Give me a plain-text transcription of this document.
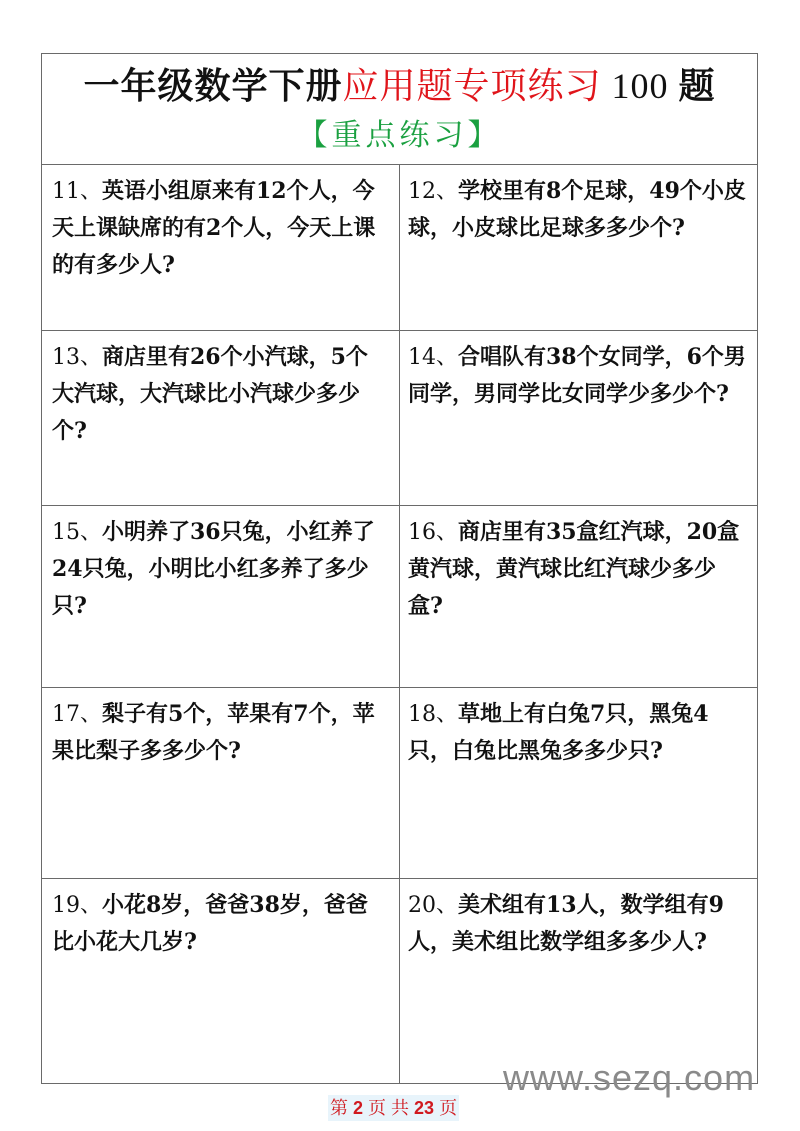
一年级数学下册应用题专项练习 100 题
【重点练习】
11、英语小组原来有12个人，今天上课缺席的有2个人，今天上课的有多少人?
12、学校里有8个足球，49个小皮球，小皮球比足球多多少个?
13、商店里有26个小汽球，5个大汽球，大汽球比小汽球少多少个?
14、合唱队有38个女同学，6个男同学，男同学比女同学少多少个?
15、小明养了36只兔，小红养了24只兔，小明比小红多养了多少只?
16、商店里有35盒红汽球，20盒黄汽球，黄汽球比红汽球少多少盒?
17、梨子有5个，苹果有7个，苹果比梨子多多少个?
18、草地上有白兔7只，黑兔4只，白兔比黑兔多多少只?
19、小花8岁，爸爸38岁，爸爸比小花大几岁?
20、美术组有13人，数学组有9人，美术组比数学组多多少人?
www.sezq.com
第 2 页 共 23 页
